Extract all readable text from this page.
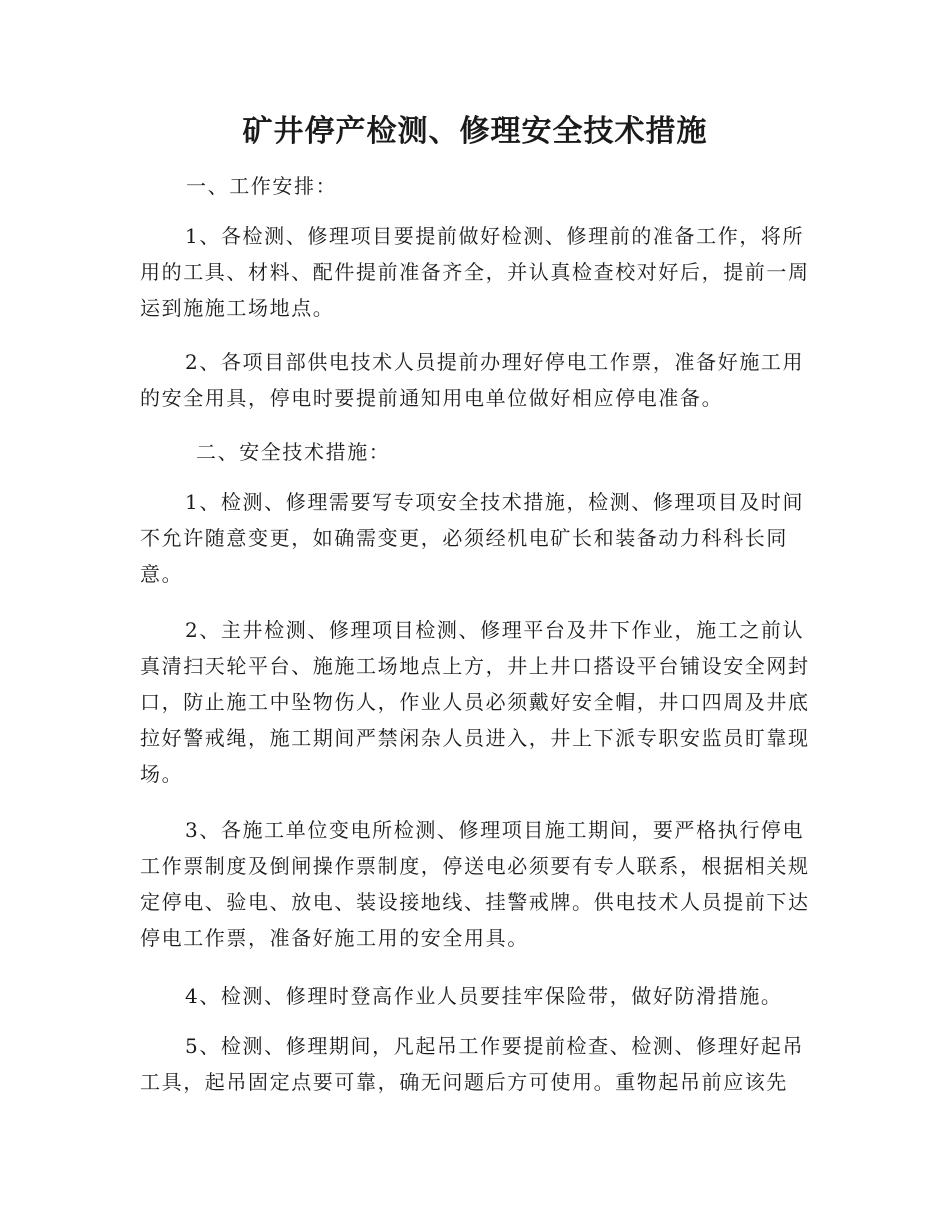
矿井停产检测、修理安全技术措施
一、工作安排：
1、各检测、修理项目要提前做好检测、修理前的准备工作，将所用的工具、材料、配件提前准备齐全，并认真检查校对好后，提前一周运到施施工场地点。
2、各项目部供电技术人员提前办理好停电工作票，准备好施工用的安全用具，停电时要提前通知用电单位做好相应停电准备。
二、安全技术措施：
1、检测、修理需要写专项安全技术措施，检测、修理项目及时间不允许随意变更，如确需变更，必须经机电矿长和装备动力科科长同意。
2、主井检测、修理项目检测、修理平台及井下作业，施工之前认真清扫天轮平台、施施工场地点上方，井上井口搭设平台铺设安全网封口，防止施工中坠物伤人，作业人员必须戴好安全帽，井口四周及井底拉好警戒绳，施工期间严禁闲杂人员进入，井上下派专职安监员盯靠现场。
3、各施工单位变电所检测、修理项目施工期间，要严格执行停电工作票制度及倒闸操作票制度，停送电必须要有专人联系，根据相关规定停电、验电、放电、装设接地线、挂警戒牌。供电技术人员提前下达停电工作票，准备好施工用的安全用具。
4、检测、修理时登高作业人员要挂牢保险带，做好防滑措施。
5、检测、修理期间，凡起吊工作要提前检查、检测、修理好起吊工具，起吊固定点要可靠，确无问题后方可使用。重物起吊前应该先
